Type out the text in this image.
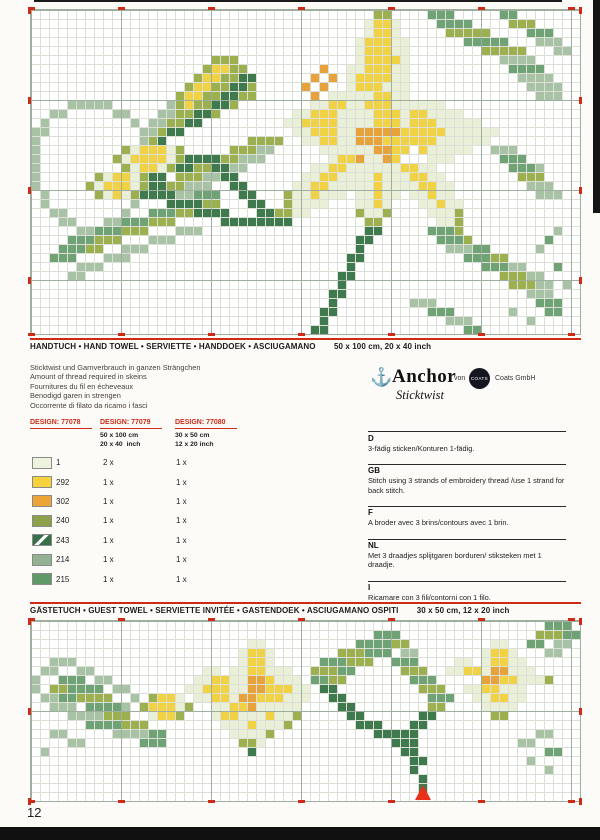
HANDTUCH • HAND TOWEL • SERVIETTE • HANDDOEK • ASCIUGAMANO 50 x 100 cm, 20 x 40 inch
Sticktwist und Garnverbrauch in ganzen Strängchen
Amount of thread required in skeins
Fournitures du fil en écheveaux
Benodigd garen in strengen
Occorrente di filato da ricamo i fasci
DESIGN: 77078	DESIGN: 77079	DESIGN: 77080
50 x 100 cm
20 x 40  inch
30 x 50 cm
12 x 20 inch
1	2 x	1 x
292	1 x	1 x
302	1 x	1 x
240	1 x	1 x
243	1 x	1 x
214	1 x	1 x
215	1 x	1 x
⚓ Anchor
von	COATS Coats GmbH
Sticktwist
D
3-fädig sticken/Konturen 1-fädig.
GB
Stitch using 3 strands of embroidery thread /use 1 strand for back stitch.
F
A broder avec 3 brins/contours avec 1 brin.
NL
Met 3 draadjes splijtgaren borduren/ stiksteken met 1 draadje.
I
Ricamare con 3 fili/contorni con 1 filo.
GÄSTETUCH • GUEST TOWEL • SERVIETTE INVITÉE • GASTENDOEK • ASCIUGAMANO OSPITI 30 x 50 cm, 12 x 20 inch
12
